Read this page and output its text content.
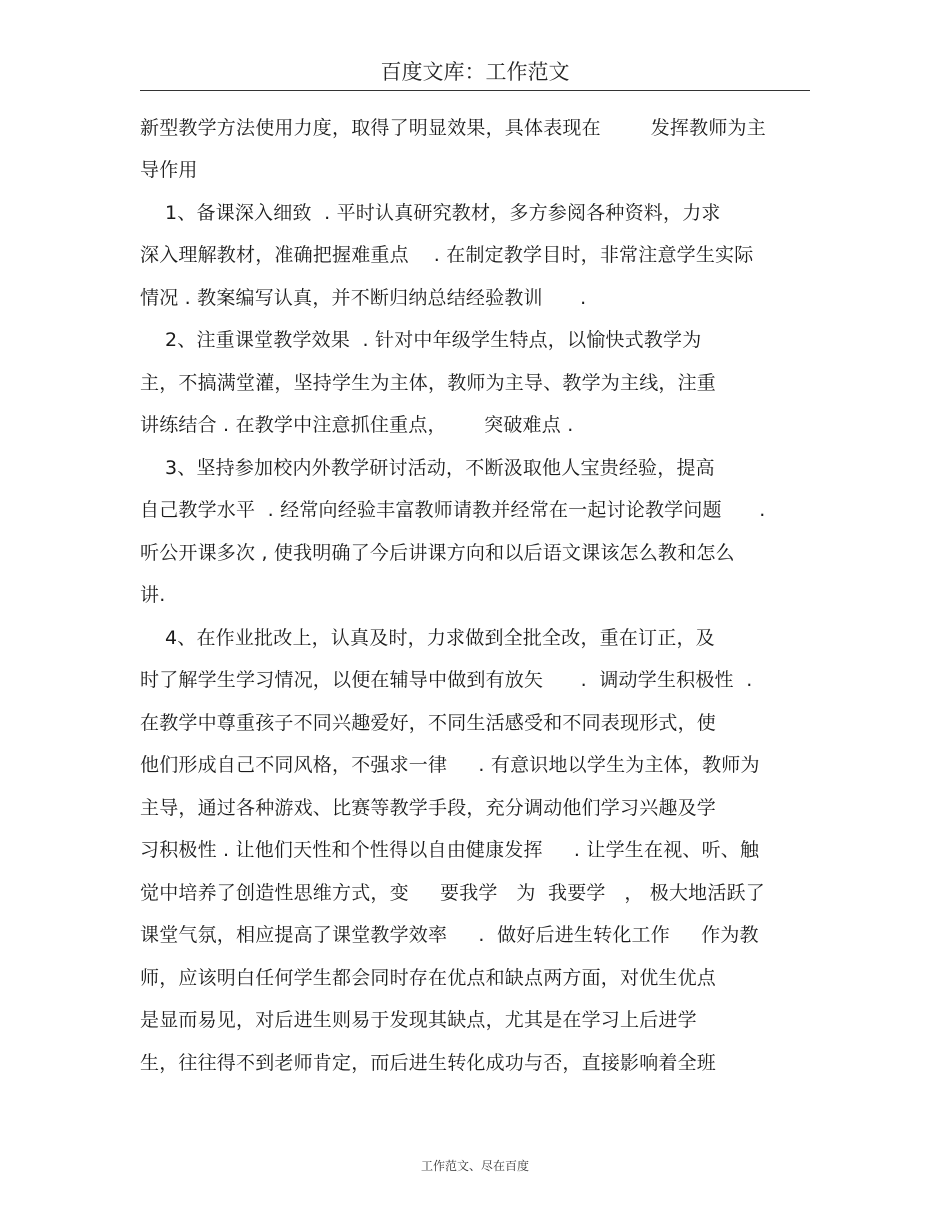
百度文库：工作范文
新型教学方法使用力度，取得了明显效果，具体表现在        发挥教师为主
导作用
1、备课深入细致  . 平时认真研究教材，多方参阅各种资料，力求
深入理解教材，准确把握难重点    . 在制定教学目时，非常注意学生实际
情况 . 教案编写认真，并不断归纳总结经验教训      .
2、注重课堂教学效果  . 针对中年级学生特点，以愉快式教学为
主，不搞满堂灌，坚持学生为主体，教师为主导、教学为主线，注重
讲练结合 . 在教学中注意抓住重点，      突破难点 .
3、坚持参加校内外教学研讨活动，不断汲取他人宝贵经验，提高
自己教学水平  . 经常向经验丰富教师请教并经常在一起讨论教学问题      .
听公开课多次 , 使我明确了今后讲课方向和以后语文课该怎么教和怎么
讲.
4、在作业批改上，认真及时，力求做到全批全改，重在订正，及
时了解学生学习情况，以便在辅导中做到有放矢      .  调动学生积极性  .
在教学中尊重孩子不同兴趣爱好，不同生活感受和不同表现形式，使
他们形成自己不同风格，不强求一律     . 有意识地以学生为主体，教师为
主导，通过各种游戏、比赛等教学手段，充分调动他们学习兴趣及学
习积极性 . 让他们天性和个性得以自由健康发挥     . 让学生在视、听、触
觉中培养了创造性思维方式，变     要我学   为  我要学   ， 极大地活跃了
课堂气氛，相应提高了课堂教学效率     .  做好后进生转化工作     作为教
师，应该明白任何学生都会同时存在优点和缺点两方面，对优生优点
是显而易见，对后进生则易于发现其缺点，尤其是在学习上后进学
生，往往得不到老师肯定，而后进生转化成功与否，直接影响着全班
工作范文、尽在百度
